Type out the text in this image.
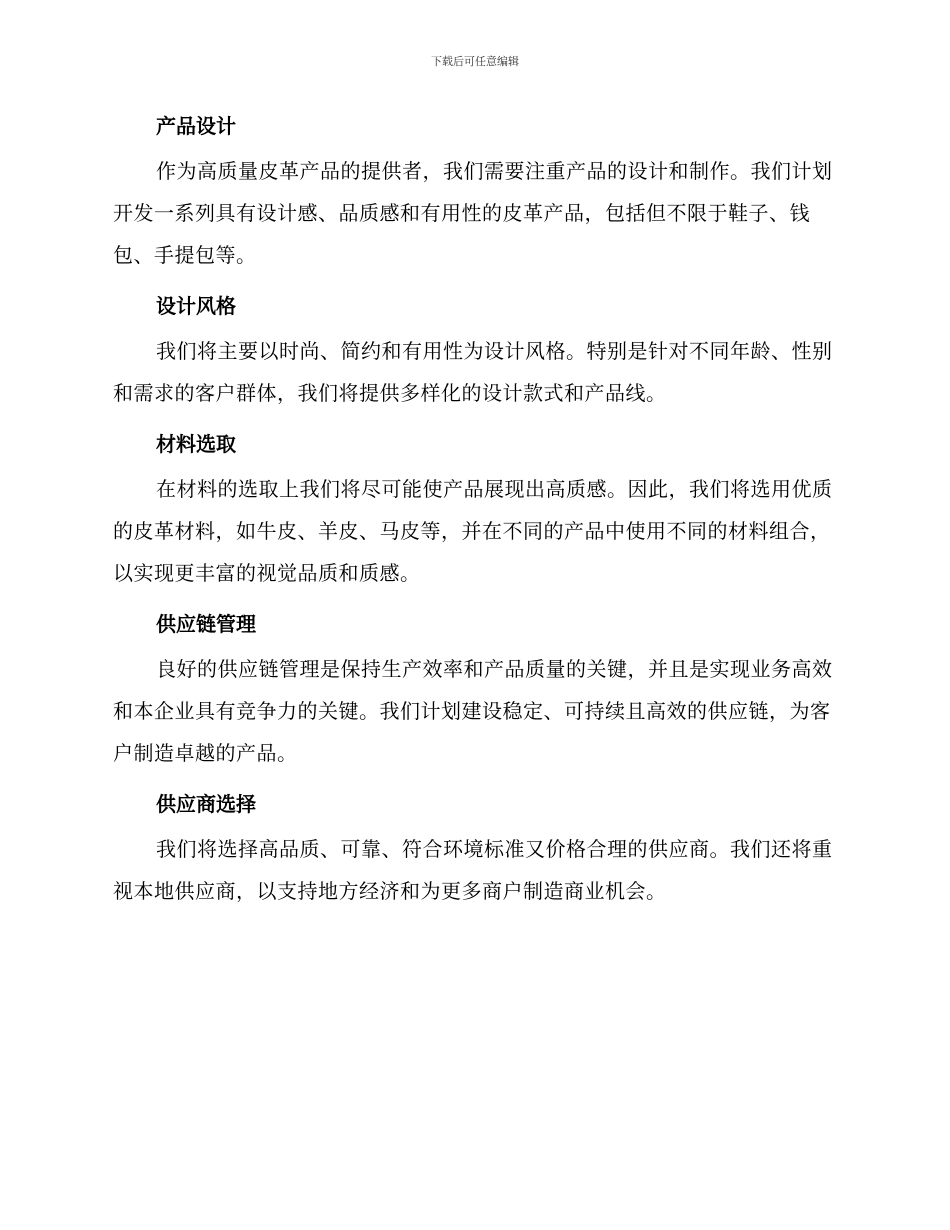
下载后可任意编辑
产品设计

作为高质量皮革产品的提供者，我们需要注重产品的设计和制作。我们计划开发一系列具有设计感、品质感和有用性的皮革产品，包括但不限于鞋子、钱包、手提包等。

设计风格

我们将主要以时尚、简约和有用性为设计风格。特别是针对不同年龄、性别和需求的客户群体，我们将提供多样化的设计款式和产品线。

材料选取

在材料的选取上我们将尽可能使产品展现出高质感。因此，我们将选用优质的皮革材料，如牛皮、羊皮、马皮等，并在不同的产品中使用不同的材料组合，以实现更丰富的视觉品质和质感。

供应链管理

良好的供应链管理是保持生产效率和产品质量的关键，并且是实现业务高效和本企业具有竞争力的关键。我们计划建设稳定、可持续且高效的供应链，为客户制造卓越的产品。

供应商选择

我们将选择高品质、可靠、符合环境标准又价格合理的供应商。我们还将重视本地供应商，以支持地方经济和为更多商户制造商业机会。
